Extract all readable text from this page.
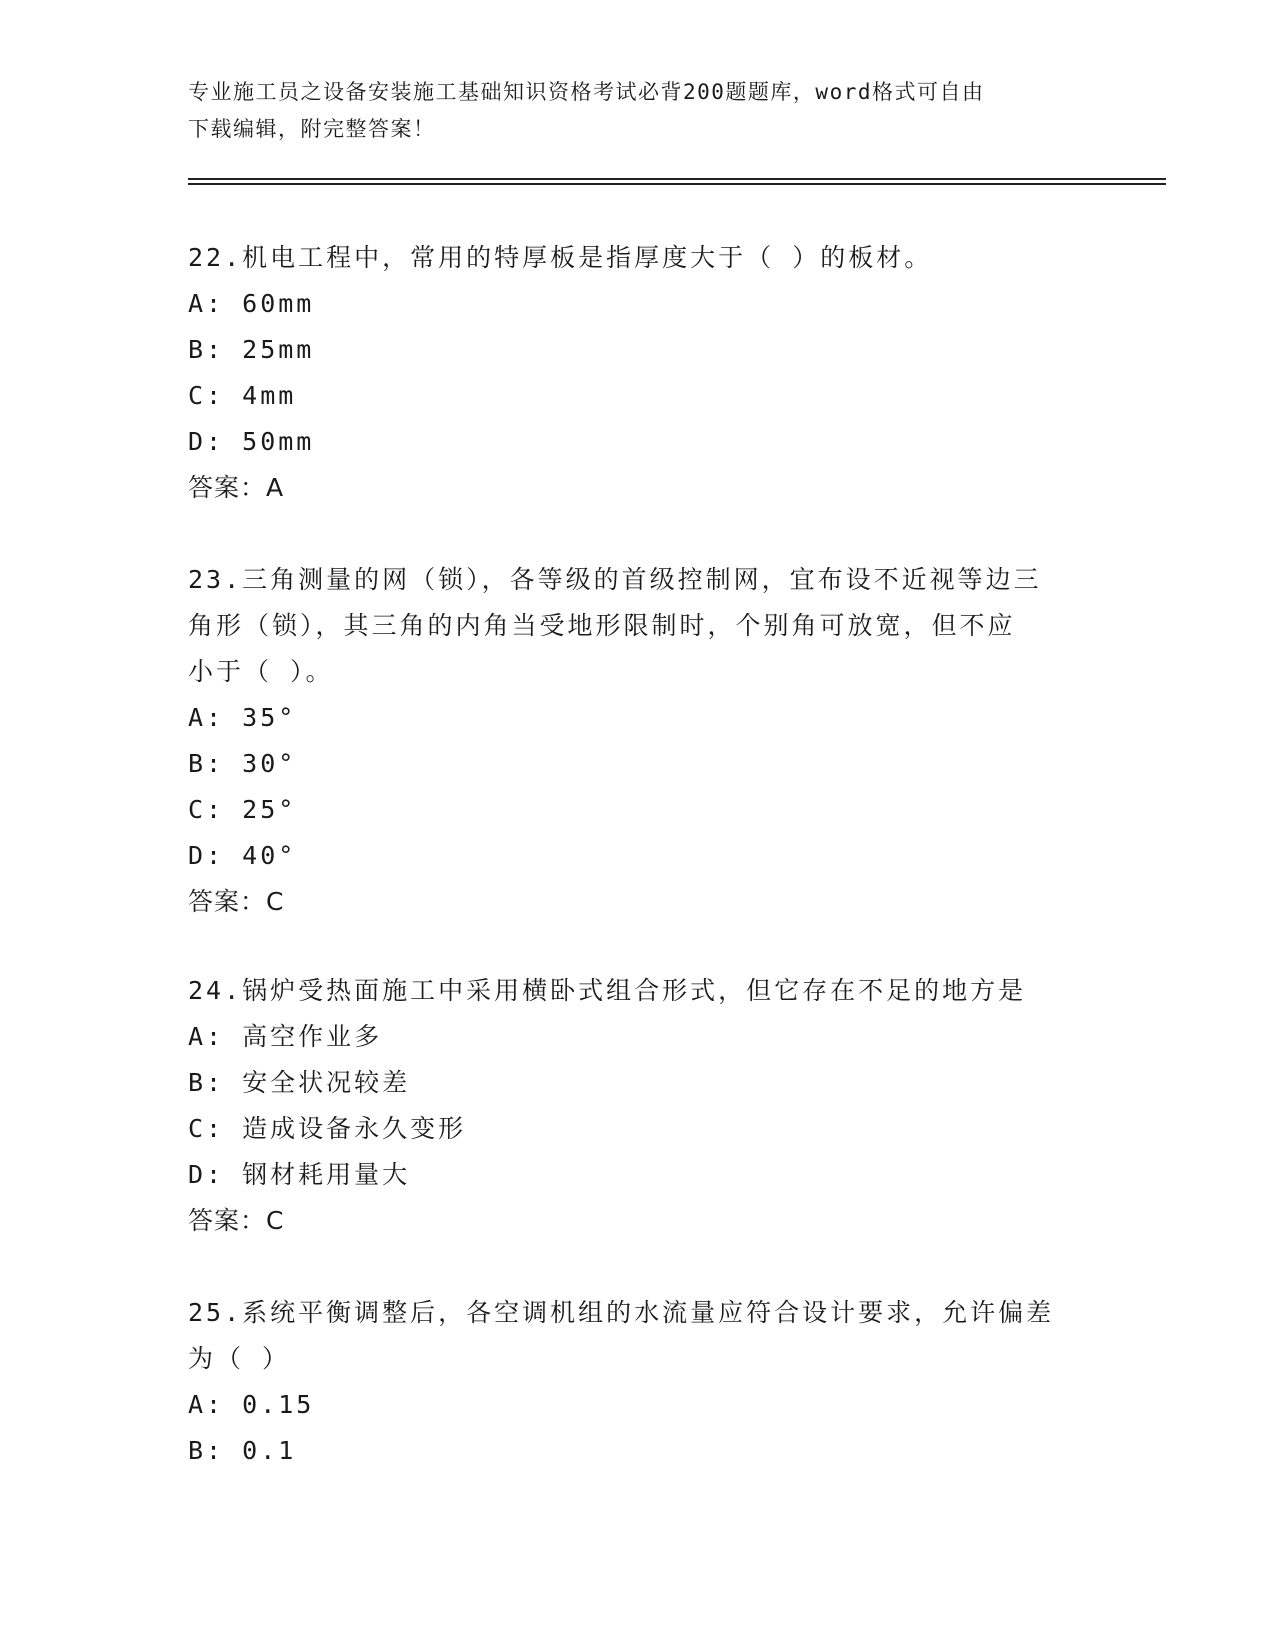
专业施工员之设备安装施工基础知识资格考试必背200题题库，word格式可自由
下载编辑，附完整答案！
22.机电工程中，常用的特厚板是指厚度大于（ ）的板材。
A: 60mm
B: 25mm
C: 4mm
D: 50mm
答案：A
23.三角测量的网（锁），各等级的首级控制网，宜布设不近视等边三
角形（锁），其三角的内角当受地形限制时，个别角可放宽，但不应
小于（ ）。
A: 35°
B: 30°
C: 25°
D: 40°
答案：C
24.锅炉受热面施工中采用横卧式组合形式，但它存在不足的地方是
A: 高空作业多
B: 安全状况较差
C: 造成设备永久变形
D: 钢材耗用量大
答案：C
25.系统平衡调整后，各空调机组的水流量应符合设计要求，允许偏差
为（ ）
A: 0.15
B: 0.1
